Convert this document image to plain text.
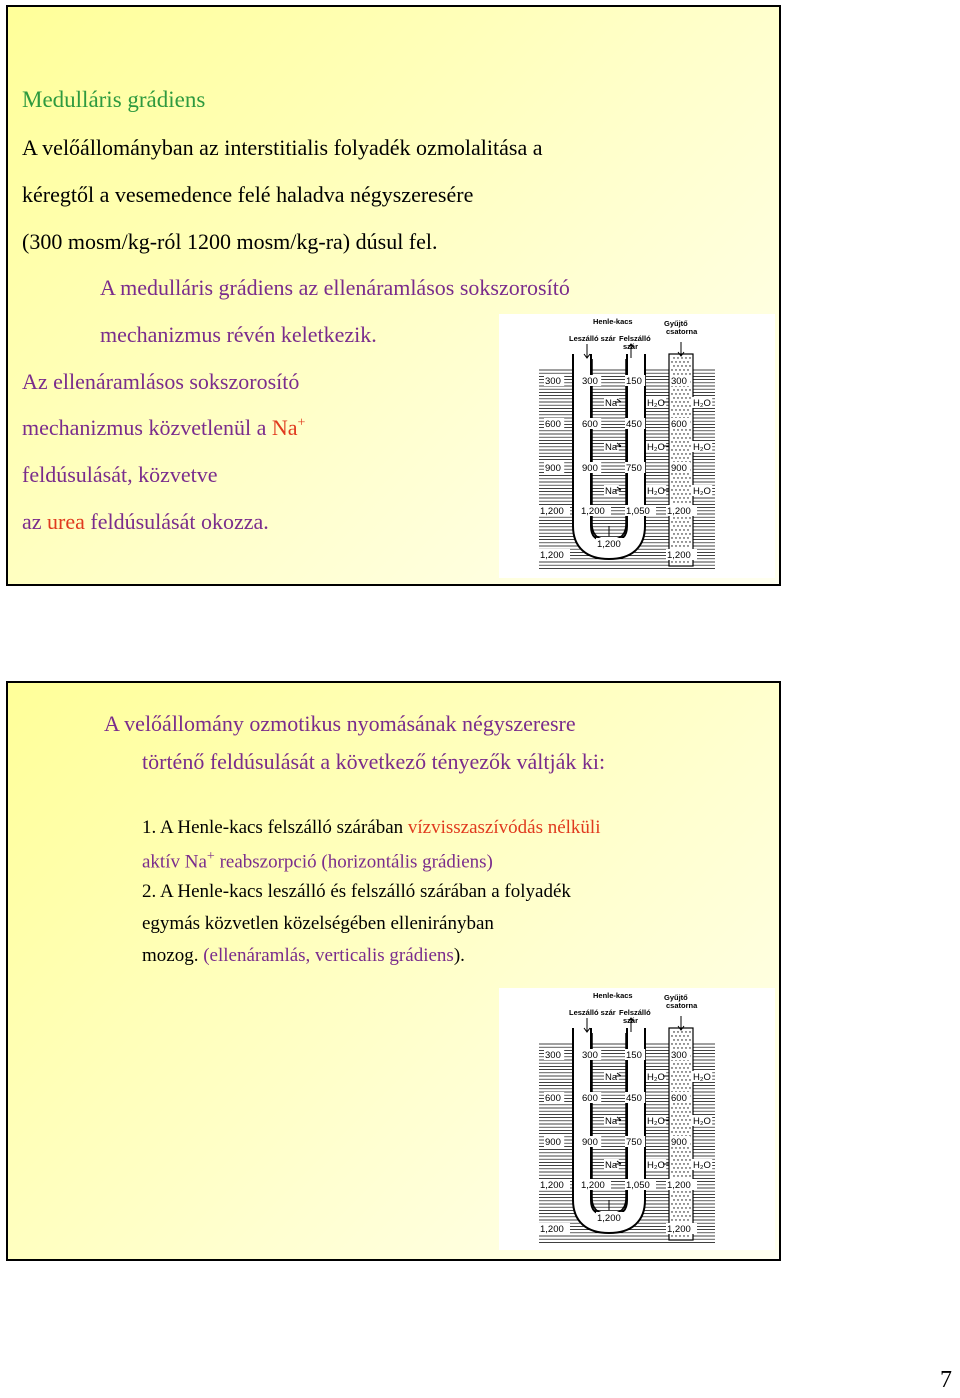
Medulláris grádiens
A velőállományban az interstitialis folyadék ozmolalitása a
kéregtől a vesemedence felé haladva négyszeresére
(300 mosm/kg-ról 1200 mosm/kg-ra) dúsul fel.
A medulláris grádiens az ellenáramlásos sokszorosító
mechanizmus révén keletkezik.
Az ellenáramlásos sokszorosító
mechanizmus közvetlenül a Na+
feldúsulását, közvetve
az urea feldúsulását okozza.
A velőállomány ozmotikus nyomásának négyszeresre
történő feldúsulását a következő tényezők váltják ki:
1. A Henle-kacs felszálló szárában vízvisszaszívódás nélküli
aktív Na+ reabszorpció (horizontális grádiens)
2. A Henle-kacs leszálló és felszálló szárában a folyadék
egymás közvetlen közelségében ellenirányban
mozog. (ellenáramlás, verticalis grádiens).
Henle-kacs	Gyűjtő
csatorna
Leszálló szár Felszálló
szár
300
600
900
1,200
1,200
300
600
900
1,200
150
450
750
1,050
300
600
900
1,200
1,200
1,200
Na	H₂O	H₂O
Na	H₂O	H₂O
Na	H₂O	H₂O
Henle-kacs	Gyűjtő
csatorna
Leszálló szár Felszálló
szár
300
600
900
1,200
1,200
300
600
900
1,200
150
450
750
1,050
300
600
900
1,200
1,200
1,200
Na	H₂O	H₂O
Na	H₂O	H₂O
Na	H₂O	H₂O
7
